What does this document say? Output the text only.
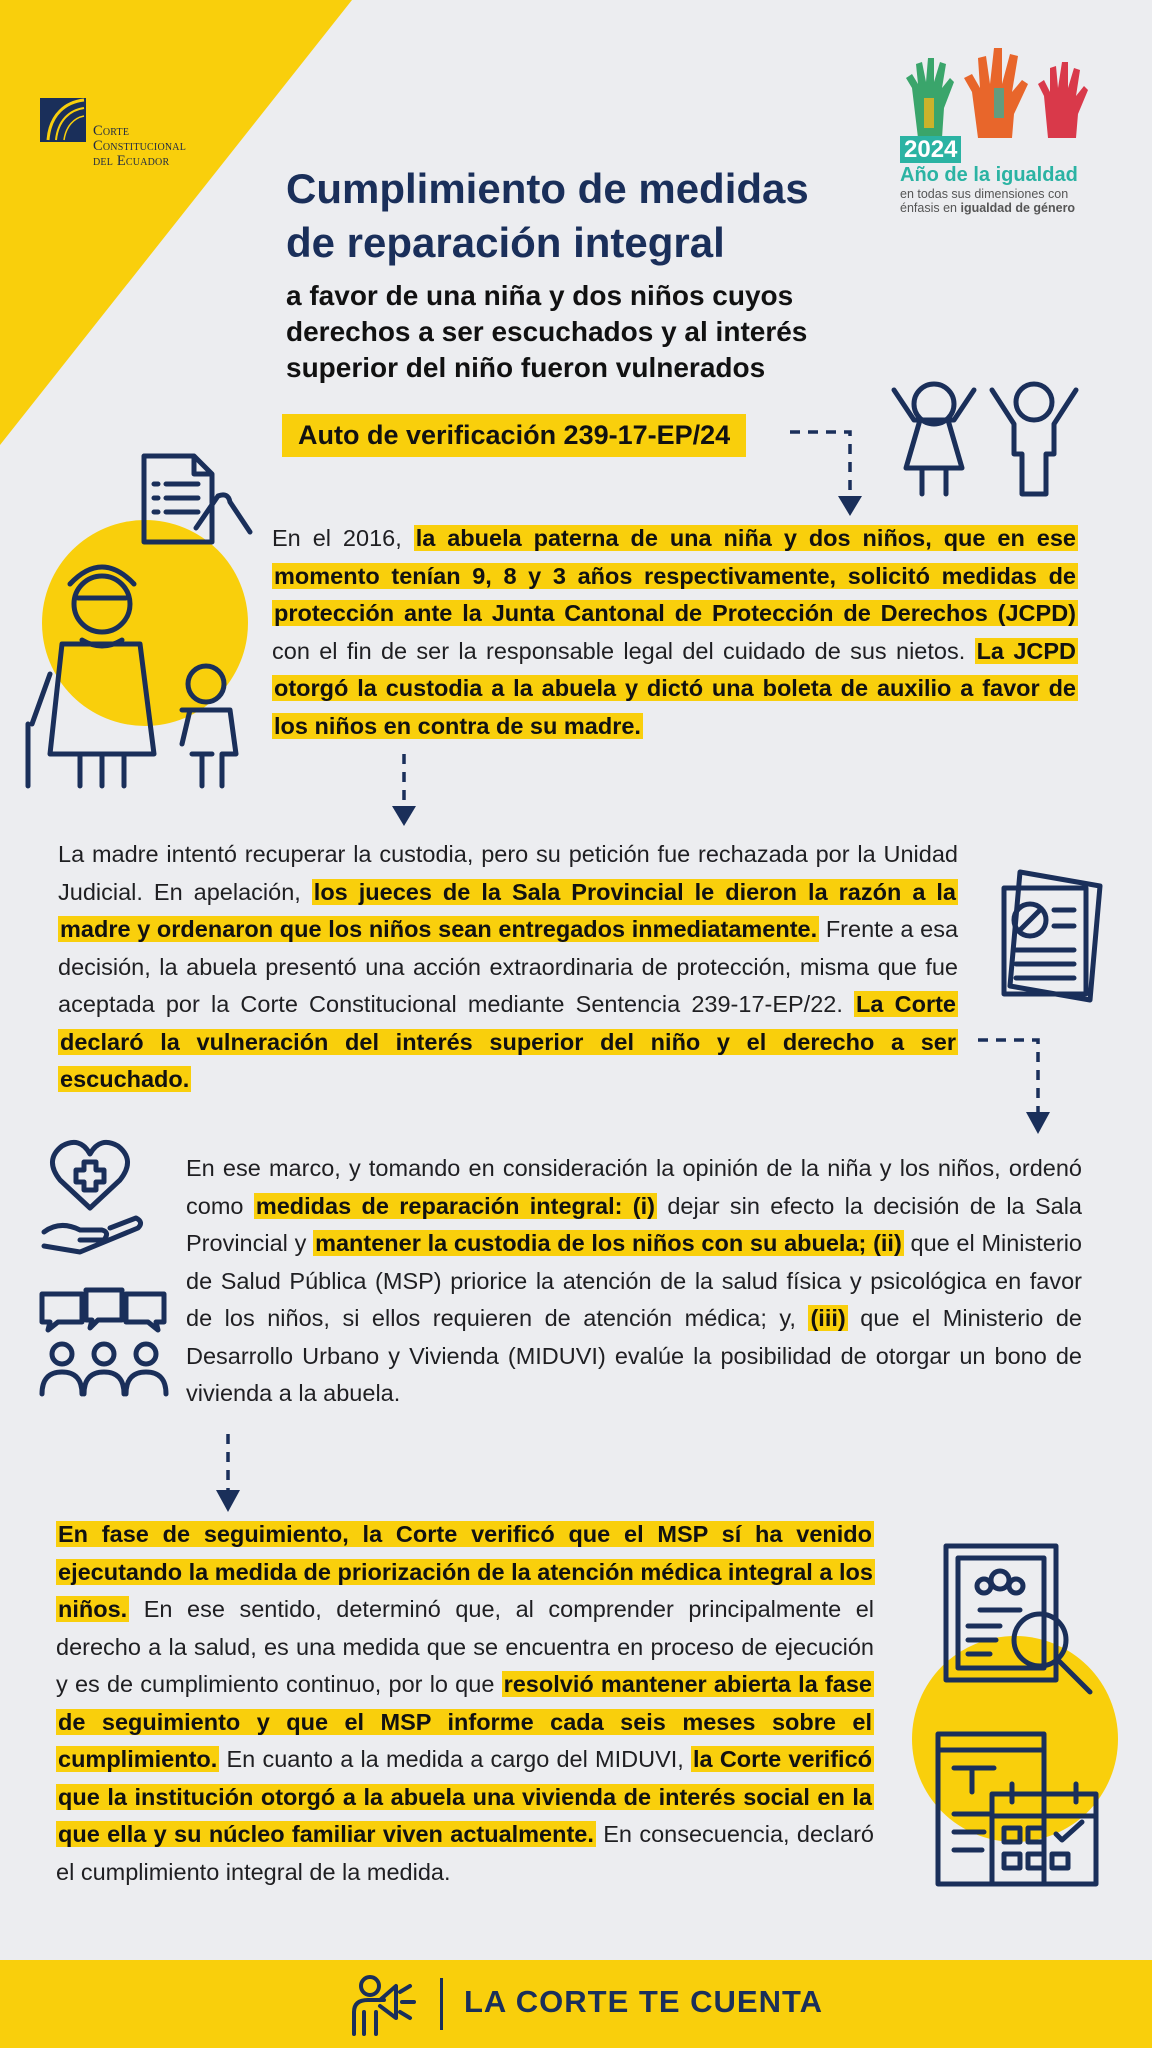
Corte
Constitucional
del Ecuador	2024
Año de la igualdad
en todas sus dimensiones con
énfasis en igualdad de género
Cumplimiento de medidas
de reparación integral
a favor de una niña y dos niños cuyos
derechos a ser escuchados y al interés
superior del niño fueron vulnerados
Auto de verificación 239-17-EP/24
En el 2016, la abuela paterna de una niña y dos niños, que en ese momento tenían 9, 8 y 3 años respectivamente, solicitó medidas de protección ante la Junta Cantonal de Protección de Derechos (JCPD) con el fin de ser la responsable legal del cuidado de sus nietos. La JCPD otorgó la custodia a la abuela y dictó una boleta de auxilio a favor de los niños en contra de su madre.
La madre intentó recuperar la custodia, pero su petición fue rechazada por la Unidad Judicial. En apelación, los jueces de la Sala Provincial le dieron la razón a la madre y ordenaron que los niños sean entregados inmediatamente. Frente a esa decisión, la abuela presentó una acción extraordinaria de protección, misma que fue aceptada por la Corte Constitucional mediante Sentencia 239-17-EP/22. La Corte declaró la vulneración del interés superior del niño y el derecho a ser escuchado.
En ese marco, y tomando en consideración la opinión de la niña y los niños, ordenó como medidas de reparación integral: (i) dejar sin efecto la decisión de la Sala Provincial y mantener la custodia de los niños con su abuela; (ii) que el Ministerio de Salud Pública (MSP) priorice la atención de la salud física y psicológica en favor de los niños, si ellos requieren de atención médica; y, (iii) que el Ministerio de Desarrollo Urbano y Vivienda (MIDUVI) evalúe la posibilidad de otorgar un bono de vivienda a la abuela.
En fase de seguimiento, la Corte verificó que el MSP sí ha venido ejecutando la medida de priorización de la atención médica integral a los niños. En ese sentido, determinó que, al comprender principalmente el derecho a la salud, es una medida que se encuentra en proceso de ejecución y es de cumplimiento continuo, por lo que resolvió mantener abierta la fase de seguimiento y que el MSP informe cada seis meses sobre el cumplimiento. En cuanto a la medida a cargo del MIDUVI, la Corte verificó que la institución otorgó a la abuela una vivienda de interés social en la que ella y su núcleo familiar viven actualmente. En consecuencia, declaró el cumplimiento integral de la medida.
LA CORTE TE CUENTA
